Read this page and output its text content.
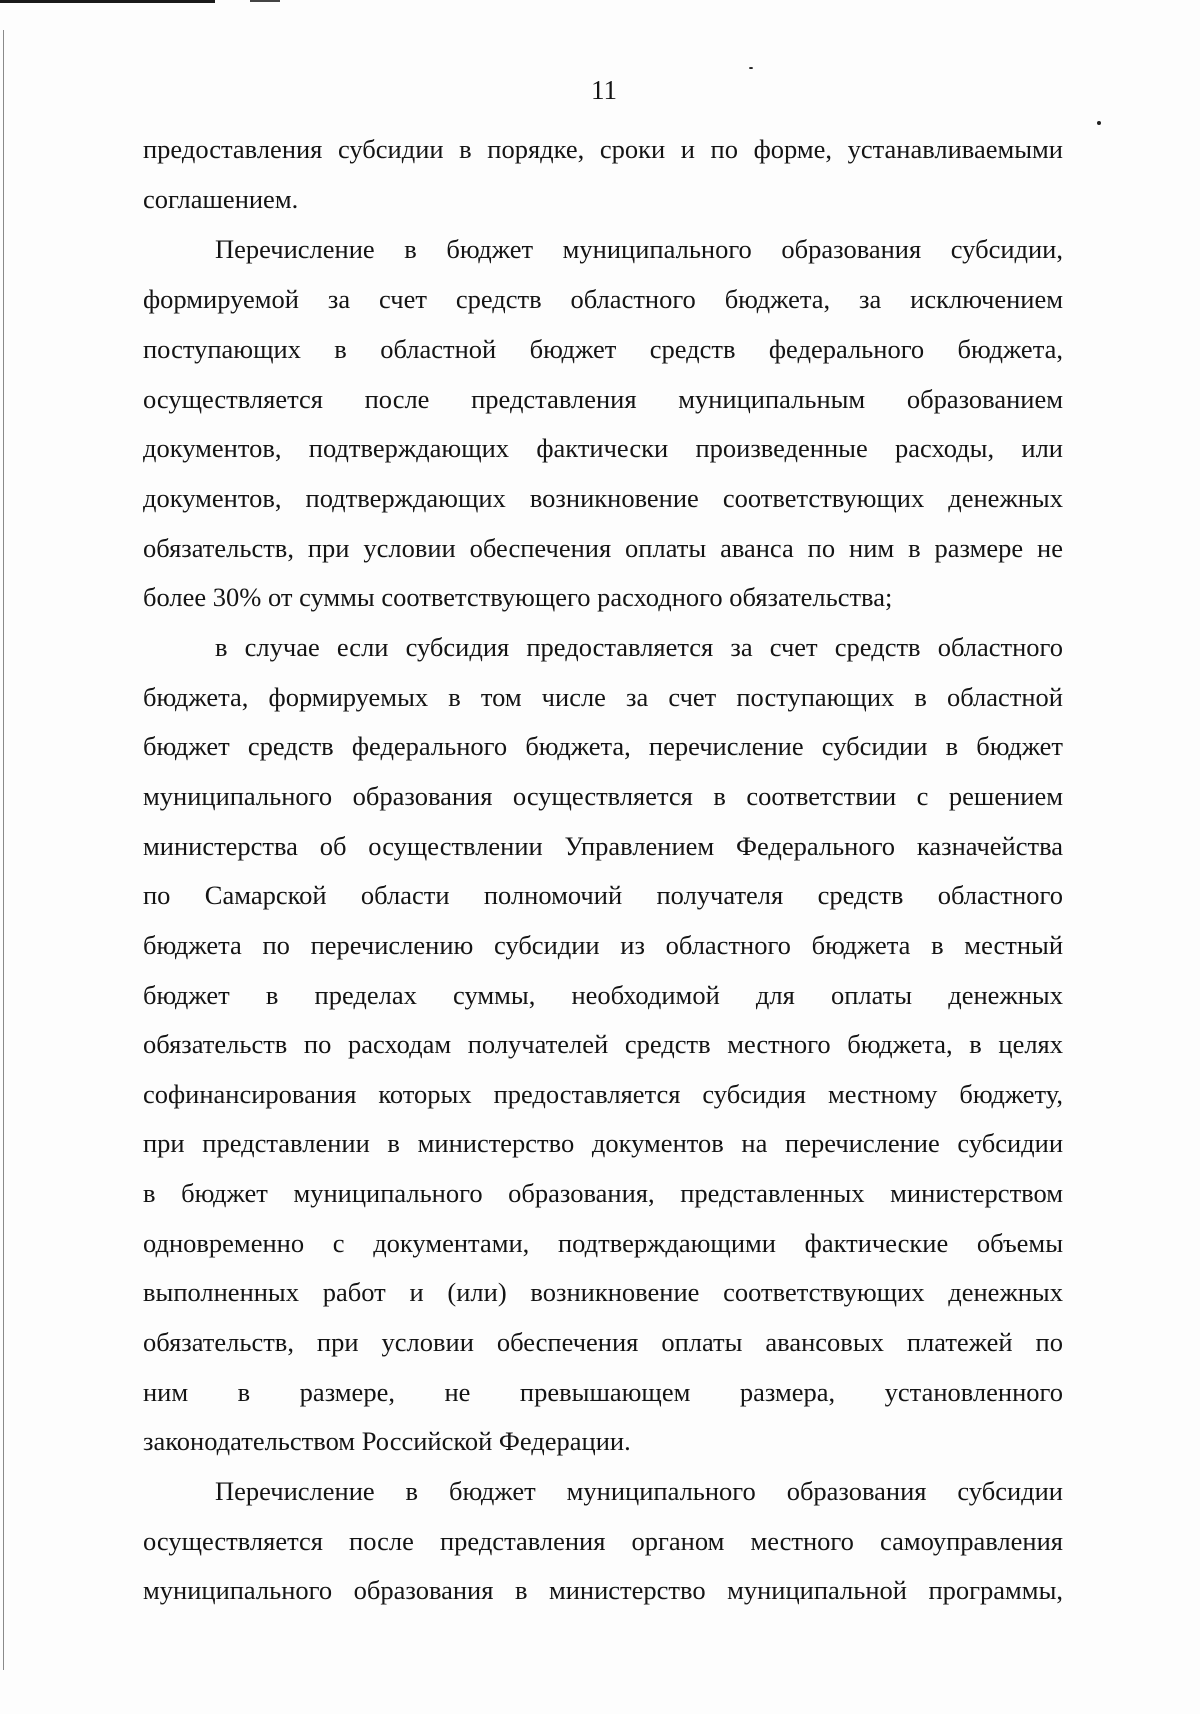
11

предоставления субсидии в порядке, сроки и по форме, устанавливаемыми

соглашением.

Перечисление в бюджет муниципального образования субсидии,

формируемой за счет средств областного бюджета, за исключением

поступающих в областной бюджет средств федерального бюджета,

осуществляется после представления муниципальным образованием

документов, подтверждающих фактически произведенные расходы, или

документов, подтверждающих возникновение соответствующих денежных

обязательств, при условии обеспечения оплаты аванса по ним в размере не

более 30% от суммы соответствующего расходного обязательства;

в случае если субсидия предоставляется за счет средств областного

бюджета, формируемых в том числе за счет поступающих в областной

бюджет средств федерального бюджета, перечисление субсидии в бюджет

муниципального образования осуществляется в соответствии с решением

министерства об осуществлении Управлением Федерального казначейства

по Самарской области полномочий получателя средств областного

бюджета по перечислению субсидии из областного бюджета в местный

бюджет в пределах суммы, необходимой для оплаты денежных

обязательств по расходам получателей средств местного бюджета, в целях

софинансирования которых предоставляется субсидия местному бюджету,

при представлении в министерство документов на перечисление субсидии

в бюджет муниципального образования, представленных министерством

одновременно с документами, подтверждающими фактические объемы

выполненных работ и (или) возникновение соответствующих денежных

обязательств, при условии обеспечения оплаты авансовых платежей по

ним в размере, не превышающем размера, установленного

законодательством Российской Федерации.

Перечисление в бюджет муниципального образования субсидии

осуществляется после представления органом местного самоуправления

муниципального образования в министерство муниципальной программы,
